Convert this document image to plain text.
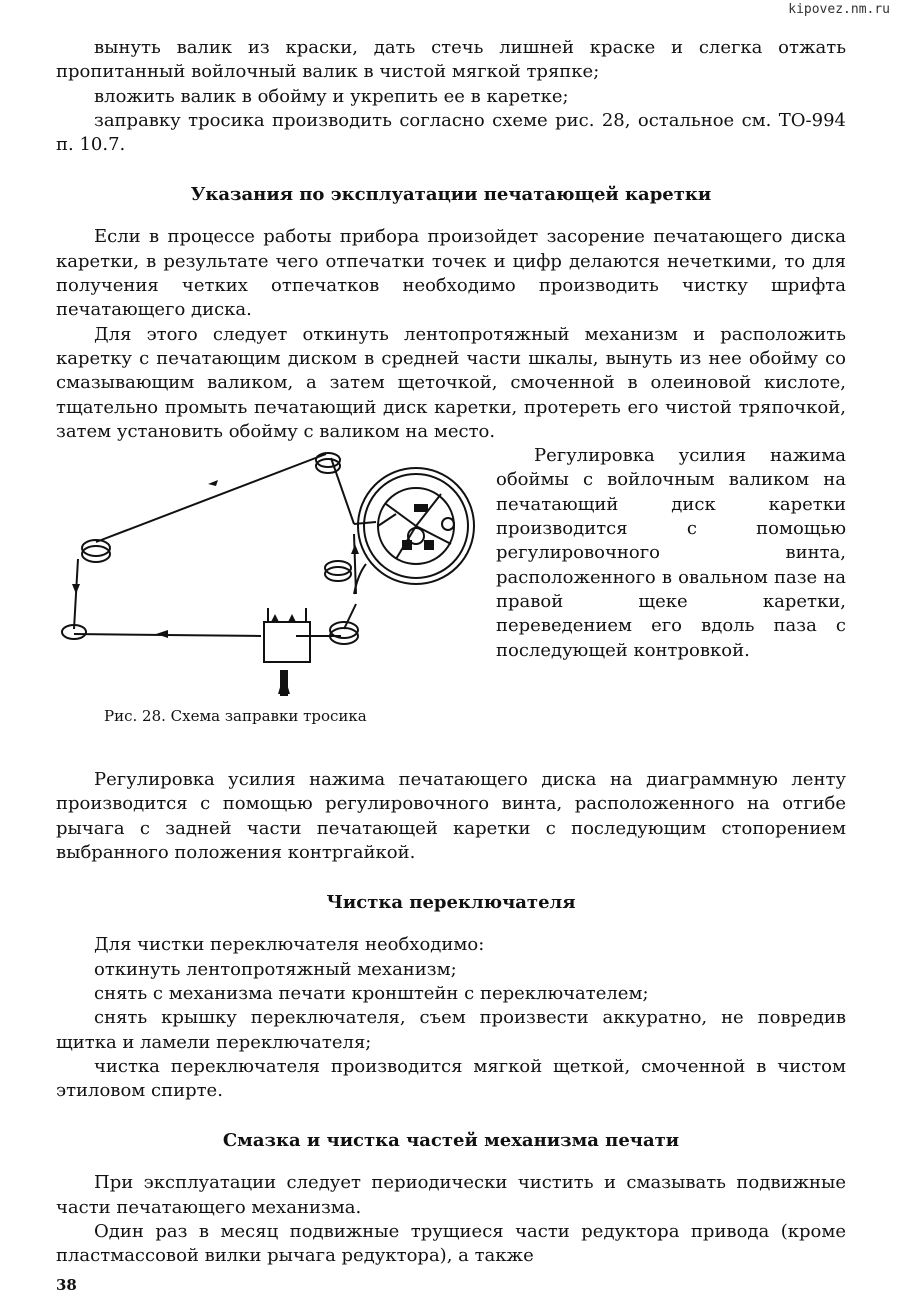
kipovez.nm.ru

вынуть валик из краски, дать стечь лишней краске и слегка отжать пропитанный войлочный валик в чистой мягкой тряпке;

вложить валик в обойму и укрепить ее в каретке;

заправку тросика производить согласно схеме рис. 28, остальное см. ТО-994 п. 10.7.

Указания по эксплуатации печатающей каретки

Если в процессе работы прибора произойдет засорение печатающего диска каретки, в результате чего отпечатки точек и цифр делаются нечеткими, то для получения четких отпечатков необходимо производить чистку шрифта печатающего диска.

Для этого следует откинуть лентопротяжный механизм и расположить каретку с печатающим диском в средней части шкалы, вынуть из нее обойму со смазывающим валиком, а затем щеточкой, смоченной в олеиновой кислоте, тщательно промыть печатающий диск каретки, протереть его чистой тряпочкой, затем установить обойму с валиком на место.

Рис. 28. Схема заправки тросика

Регулировка усилия нажима обоймы с войлочным валиком на печатающий диск каретки производится с помощью регулировочного винта, расположенного в овальном пазе на правой щеке каретки, переведением его вдоль паза с последующей контровкой.

Регулировка усилия нажима печатающего диска на диаграммную ленту производится с помощью регулировочного винта, расположенного на отгибе рычага с задней части печатающей каретки с последующим стопорением выбранного положения контргайкой.

Чистка переключателя

Для чистки переключателя необходимо:

откинуть лентопротяжный механизм;

снять с механизма печати кронштейн с переключателем;

снять крышку переключателя, съем произвести аккуратно, не повредив щитка и ламели переключателя;

чистка переключателя производится мягкой щеткой, смоченной в чистом этиловом спирте.

Смазка и чистка частей механизма печати

При эксплуатации следует периодически чистить и смазывать подвижные части печатающего механизма.

Один раз в месяц подвижные трущиеся части редуктора привода (кроме пластмассовой вилки рычага редуктора), а также

38
